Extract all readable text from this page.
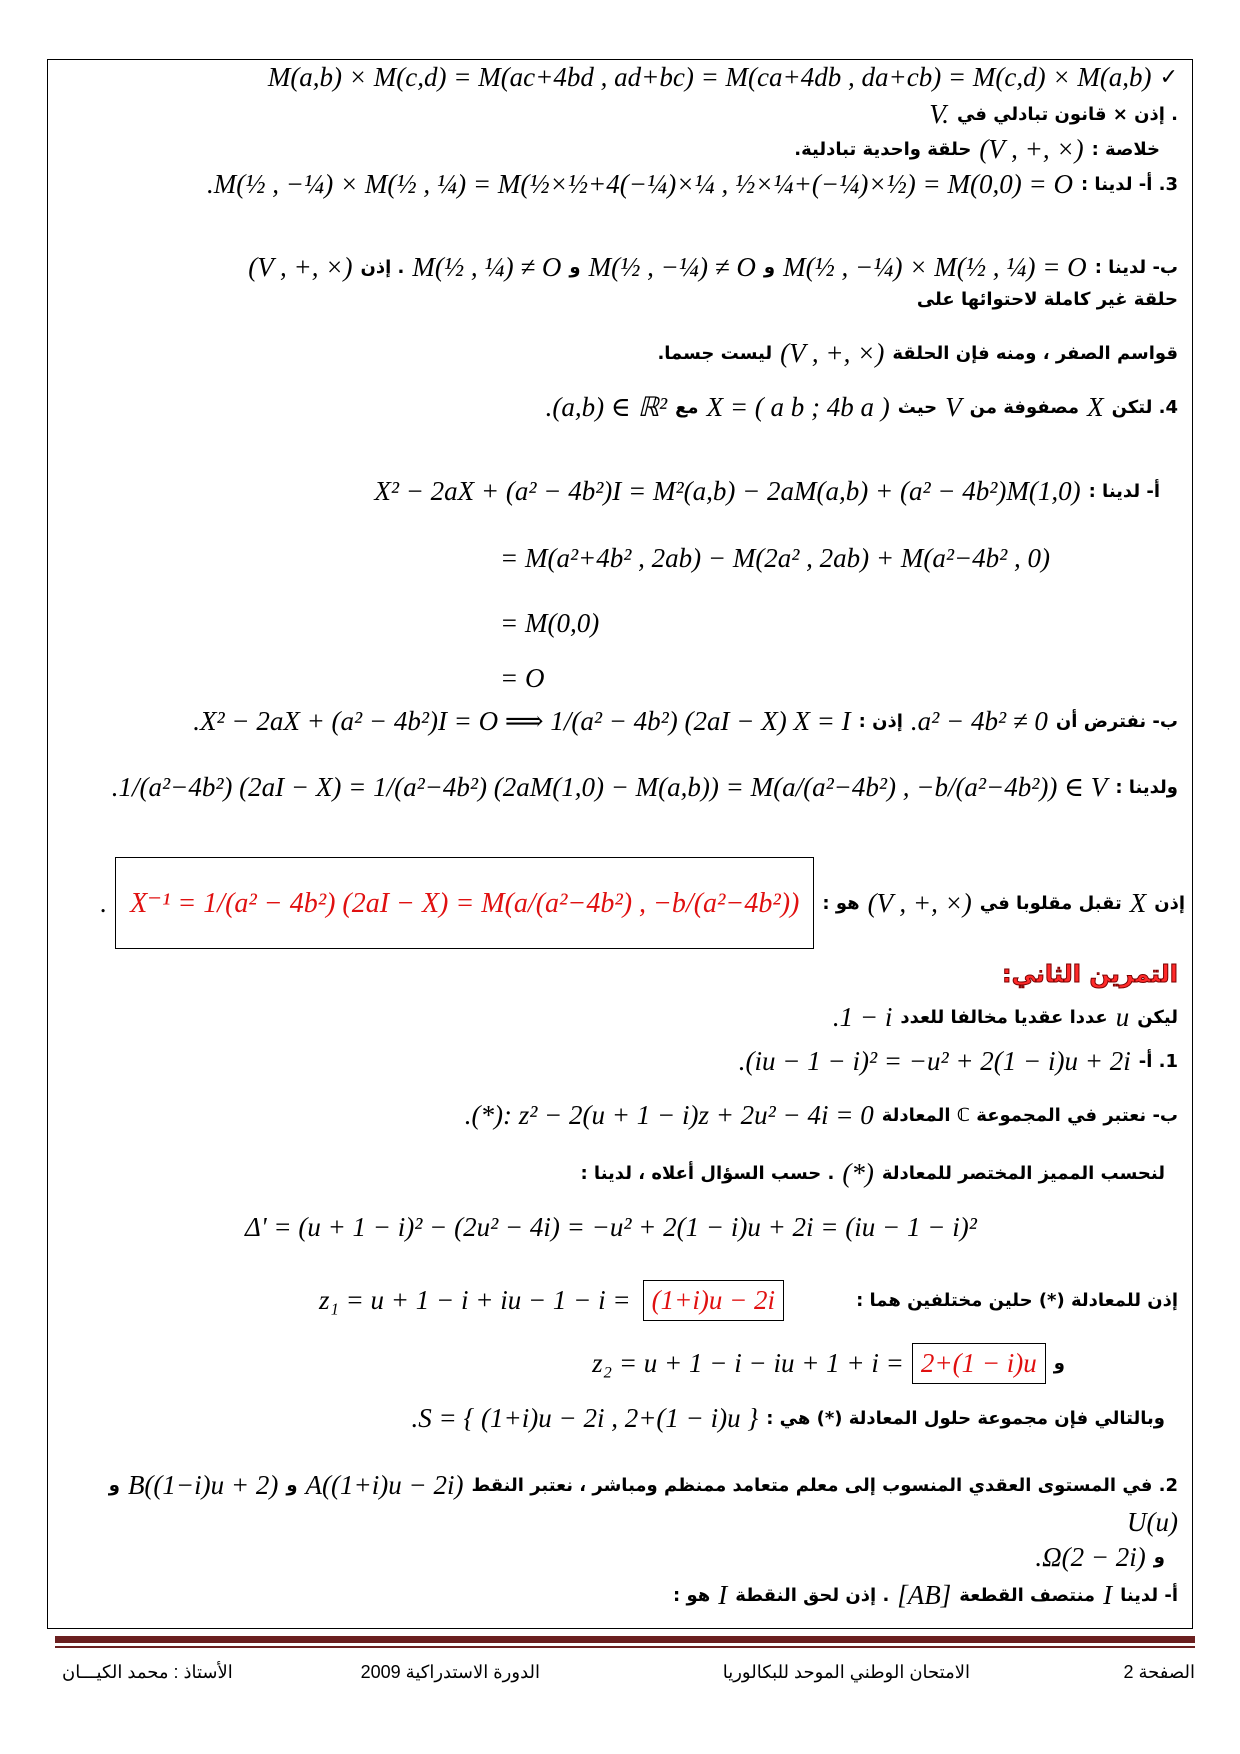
✓
M(a,b) × M(c,d) = M(ac+4bd , ad+bc) = M(ca+4db , da+cb) = M(c,d) × M(a,b)
. إذن × قانون تبادلي في
V.
خلاصة :
(V , +, ×)
حلقة واحدية تبادلية.
3. أ- لدينا :
.M(½ , −¼) × M(½ , ¼) = M(½×½+4(−¼)×¼ , ½×¼+(−¼)×½) = M(0,0) = O
ب- لدينا :
M(½ , −¼) × M(½ , ¼) = O
و
M(½ , −¼) ≠ O
و
M(½ , ¼) ≠ O
. إذن
(V , +, ×)
حلقة غير كاملة لاحتوائها على
قواسم الصفر ، ومنه فإن الحلقة
(V , +, ×)
ليست جسما.
4. لتكن
X
مصفوفة من
V
حيث
X = ( a b ; 4b a )
مع
.(a,b) ∈ ℝ²
أ- لدينا :
X² − 2aX + (a² − 4b²)I = M²(a,b) − 2aM(a,b) + (a² − 4b²)M(1,0)
= M(a²+4b² , 2ab) − M(2a² , 2ab) + M(a²−4b² , 0)
= M(0,0)
= O
ب- نفترض أن
.a² − 4b² ≠ 0
إذن :
.X² − 2aX + (a² − 4b²)I = O ⟹ 1/(a² − 4b²) (2aI − X) X = I
ولدينا :
.1/(a²−4b²) (2aI − X) = 1/(a²−4b²) (2aM(1,0) − M(a,b)) = M(a/(a²−4b²) , −b/(a²−4b²)) ∈ V
إذن
X
تقبل مقلوبا في
(V , +, ×)
هو :
X⁻¹ = 1/(a² − 4b²) (2aI − X) = M(a/(a²−4b²) , −b/(a²−4b²))
.
التمرين الثاني:
ليكن
u
عددا عقديا مخالفا للعدد
.1 − i
1. أ-
.(iu − 1 − i)² = −u² + 2(1 − i)u + 2i
ب- نعتبر في المجموعة ℂ المعادلة
.(*): z² − 2(u + 1 − i)z + 2u² − 4i = 0
لنحسب المميز المختصر للمعادلة
(*)
. حسب السؤال أعلاه ، لدينا :
Δ' = (u + 1 − i)² − (2u² − 4i) = −u² + 2(1 − i)u + 2i = (iu − 1 − i)²
إذن للمعادلة (*) حلين مختلفين هما :
(1+i)u − 2i
z₁ = u + 1 − i + iu − 1 − i =
و
2+(1 − i)u
z₂ = u + 1 − i − iu + 1 + i =
وبالتالي فإن مجموعة حلول المعادلة (*) هي :
.S = { (1+i)u − 2i , 2+(1 − i)u }
2. في المستوى العقدي المنسوب إلى معلم متعامد ممنظم ومباشر ، نعتبر النقط
A((1+i)u − 2i)
و
B((1−i)u + 2)
و
U(u)
و
.Ω(2 − 2i)
أ- لدينا
I
منتصف القطعة
[AB]
. إذن لحق النقطة
I
هو :
الصفحة 2
الامتحان الوطني الموحد للبكالوريا
الدورة الاستدراكية 2009
الأستاذ : محمد الكيـــان
